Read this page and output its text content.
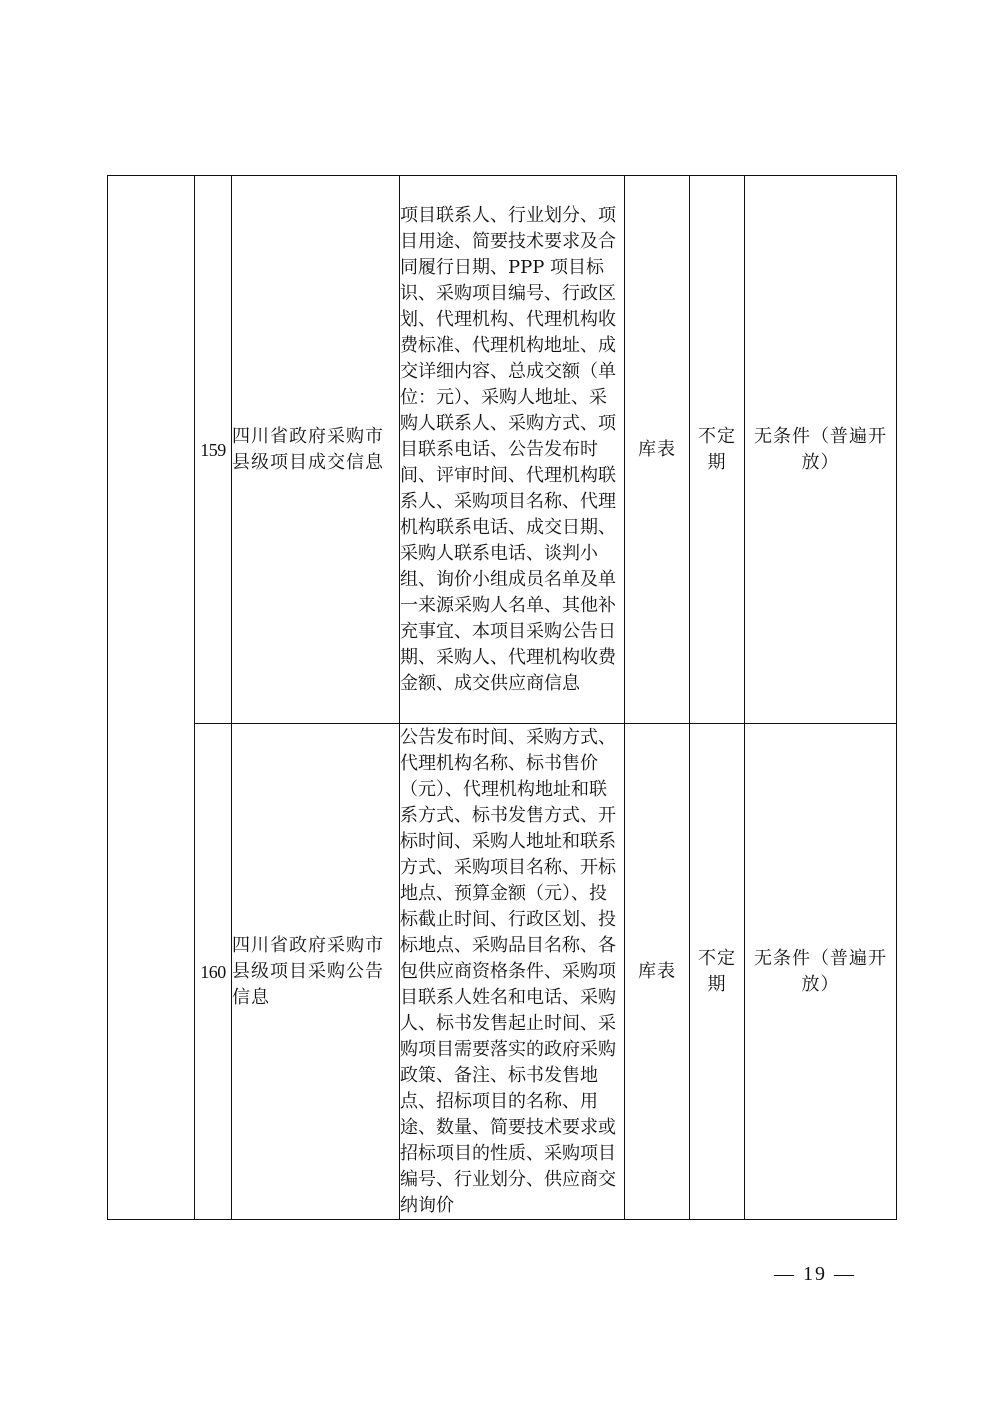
	159	四川省政府采购市县级项目成交信息	项目联系人、行业划分、项目用途、简要技术要求及合同履行日期、PPP 项目标识、采购项目编号、行政区划、代理机构、代理机构收费标准、代理机构地址、成交详细内容、总成交额（单位：元）、采购人地址、采购人联系人、采购方式、项目联系电话、公告发布时间、评审时间、代理机构联系人、采购项目名称、代理机构联系电话、成交日期、采购人联系电话、谈判小组、询价小组成员名单及单一来源采购人名单、其他补充事宜、本项目采购公告日期、采购人、代理机构收费金额、成交供应商信息	库表	不定期	无条件（普遍开放）
	160	四川省政府采购市县级项目采购公告信息	公告发布时间、采购方式、代理机构名称、标书售价（元）、代理机构地址和联系方式、标书发售方式、开标时间、采购人地址和联系方式、采购项目名称、开标地点、预算金额（元）、投标截止时间、行政区划、投标地点、采购品目名称、各包供应商资格条件、采购项目联系人姓名和电话、采购人、标书发售起止时间、采购项目需要落实的政府采购政策、备注、标书发售地点、招标项目的名称、用途、数量、简要技术要求或招标项目的性质、采购项目编号、行业划分、供应商交纳询价	库表	不定期	无条件（普遍开放）
— 19 —
